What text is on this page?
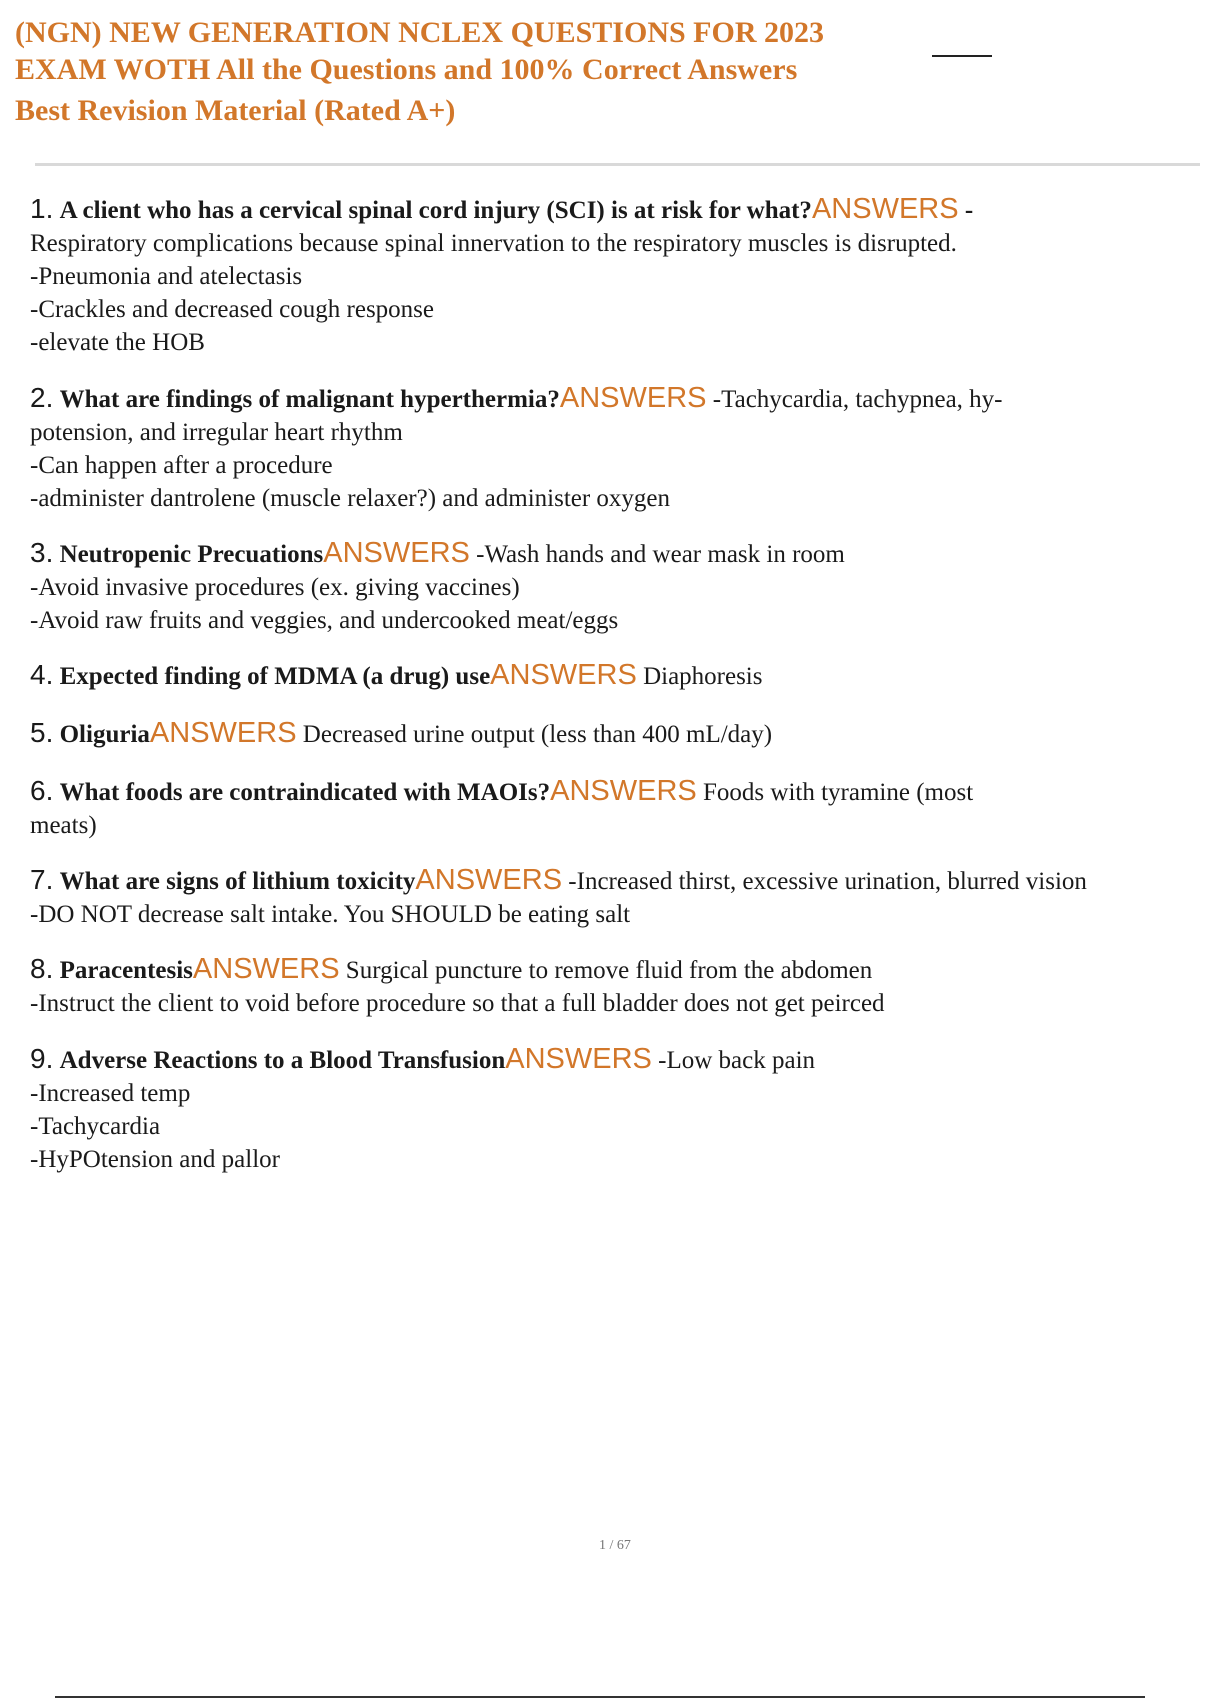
(NGN) NEW GENERATION NCLEX QUESTIONS FOR 2023
EXAM WOTH All the Questions and 100% Correct Answers
Best Revision Material (Rated A+)
1. A client who has a cervical spinal cord injury (SCI) is at risk for what?ANSWERS -
Respiratory complications because spinal innervation to the respiratory muscles is disrupted.
-Pneumonia and atelectasis
-Crackles and decreased cough response
-elevate the HOB
2. What are findings of malignant hyperthermia?ANSWERS -Tachycardia, tachypnea, hy-
potension, and irregular heart rhythm
-Can happen after a procedure
-administer dantrolene (muscle relaxer?) and administer oxygen
3. Neutropenic PrecuationsANSWERS -Wash hands and wear mask in room
-Avoid invasive procedures (ex. giving vaccines)
-Avoid raw fruits and veggies, and undercooked meat/eggs
4. Expected finding of MDMA (a drug) useANSWERS Diaphoresis
5. OliguriaANSWERS Decreased urine output (less than 400 mL/day)
6. What foods are contraindicated with MAOIs?ANSWERS Foods with tyramine (most
meats)
7. What are signs of lithium toxicityANSWERS -Increased thirst, excessive urination, blurred vision
-DO NOT decrease salt intake. You SHOULD be eating salt
8. ParacentesisANSWERS Surgical puncture to remove fluid from the abdomen
-Instruct the client to void before procedure so that a full bladder does not get peirced
9. Adverse Reactions to a Blood TransfusionANSWERS -Low back pain
-Increased temp
-Tachycardia
-HyPOtension and pallor
1 / 67
